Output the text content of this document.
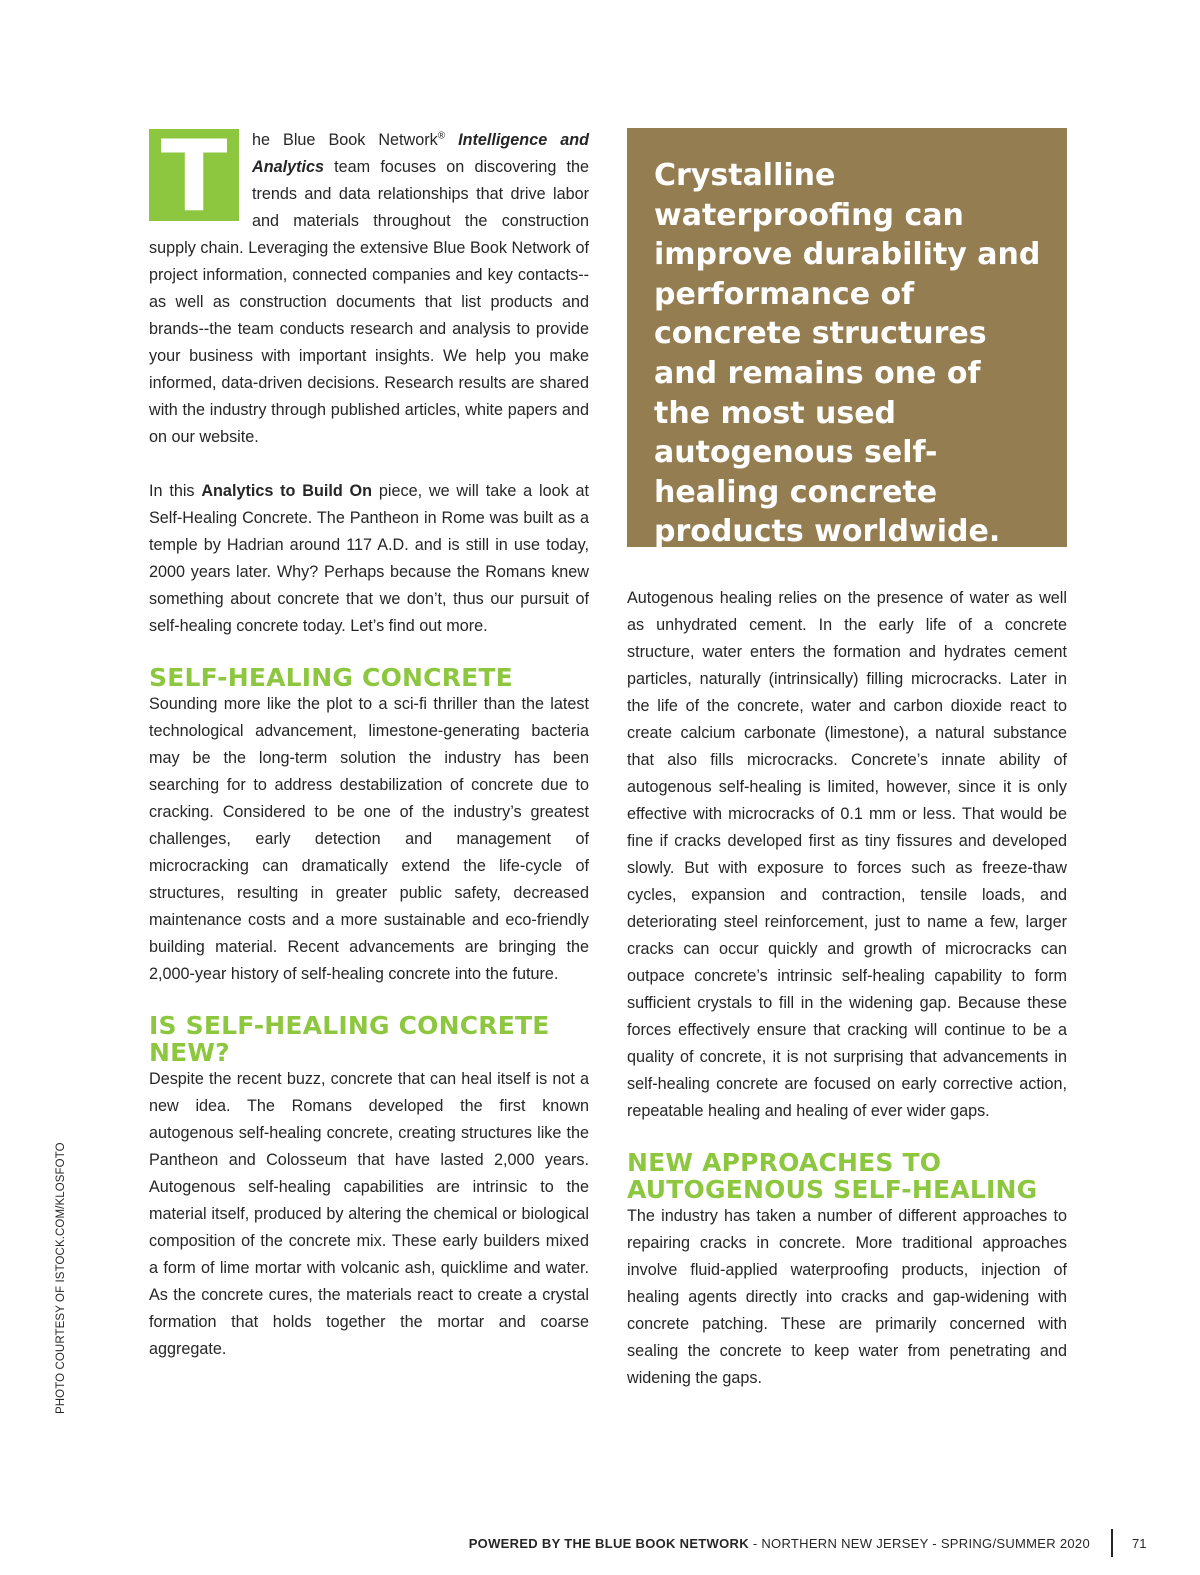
T	he Blue Book Network® Intelligence and Analytics team focuses on discovering the trends and data relationships that drive labor and materials throughout the construction supply chain. Leveraging the extensive Blue Book Network of project information, connected companies and key contacts--as well as construction documents that list products and brands--the team conducts research and analysis to provide your business with important insights. We help you make informed, data-driven decisions. Research results are shared with the industry through published articles, white papers and on our website.

In this Analytics to Build On piece, we will take a look at Self-Healing Concrete. The Pantheon in Rome was built as a temple by Hadrian around 117 A.D. and is still in use today, 2000 years later. Why? Perhaps because the Romans knew something about concrete that we don’t, thus our pursuit of self-healing concrete today. Let’s find out more.

SELF-HEALING CONCRETE

Sounding more like the plot to a sci-fi thriller than the latest technological advancement, limestone-generating bacteria may be the long-term solution the industry has been searching for to address destabilization of concrete due to cracking. Considered to be one of the industry’s greatest challenges, early detection and management of microcracking can dramatically extend the life-cycle of structures, resulting in greater public safety, decreased maintenance costs and a more sustainable and eco-friendly building material. Recent advancements are bringing the 2,000-year history of self-healing concrete into the future.

IS SELF-HEALING CONCRETE NEW?

Despite the recent buzz, concrete that can heal itself is not a new idea. The Romans developed the first known autogenous self-healing concrete, creating structures like the Pantheon and Colosseum that have lasted 2,000 years. Autogenous self-healing capabilities are intrinsic to the material itself, produced by altering the chemical or biological composition of the concrete mix. These early builders mixed a form of lime mortar with volcanic ash, quicklime and water. As the concrete cures, the materials react to create a crystal formation that holds together the mortar and coarse aggregate.

Crystalline waterproofing can improve durability and performance of concrete structures and remains one of the most used autogenous self-healing concrete products worldwide.

Autogenous healing relies on the presence of water as well as unhydrated cement. In the early life of a concrete structure, water enters the formation and hydrates cement particles, naturally (intrinsically) filling microcracks. Later in the life of the concrete, water and carbon dioxide react to create calcium carbonate (limestone), a natural substance that also fills microcracks. Concrete’s innate ability of autogenous self-healing is limited, however, since it is only effective with microcracks of 0.1 mm or less. That would be fine if cracks developed first as tiny fissures and developed slowly. But with exposure to forces such as freeze-thaw cycles, expansion and contraction, tensile loads, and deteriorating steel reinforcement, just to name a few, larger cracks can occur quickly and growth of microcracks can outpace concrete’s intrinsic self-healing capability to form sufficient crystals to fill in the widening gap. Because these forces effectively ensure that cracking will continue to be a quality of concrete, it is not surprising that advancements in self-healing concrete are focused on early corrective action, repeatable healing and healing of ever wider gaps.

NEW APPROACHES TO AUTOGENOUS SELF-HEALING

The industry has taken a number of different approaches to repairing cracks in concrete. More traditional approaches involve fluid-applied waterproofing products, injection of healing agents directly into cracks and gap-widening with concrete patching. These are primarily concerned with sealing the concrete to keep water from penetrating and widening the gaps.

PHOTO COURTESY OF ISTOCK.COM/KLOSFOTO
POWERED BY THE BLUE BOOK NETWORK - NORTHERN NEW JERSEY - SPRING/SUMMER 2020	71
